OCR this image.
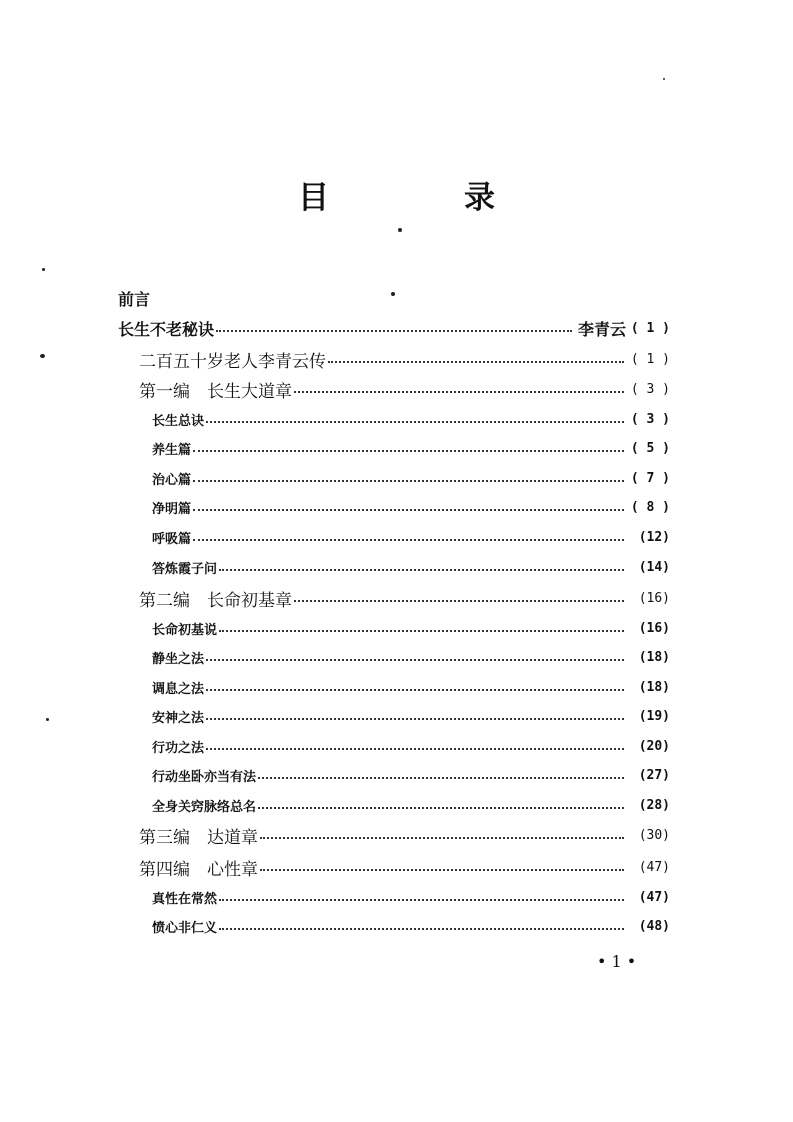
目　录
前言
长生不老秘诀	李青云 ( 1 )
二百五十岁老人李青云传	( 1 )
第一编　长生大道章	( 3 )
长生总诀	( 3 )
养生篇	( 5 )
治心篇	( 7 )
净明篇	( 8 )
呼吸篇	(12)
答炼霞子问	(14)
第二编　长命初基章	(16)
长命初基说	(16)
静坐之法	(18)
调息之法	(18)
安神之法	(19)
行功之法	(20)
行动坐卧亦当有法	(27)
全身关窍脉络总名	(28)
第三编　达道章	(30)
第四编　心性章	(47)
真性在常然	(47)
愤心非仁义	(48)
• 1 •
